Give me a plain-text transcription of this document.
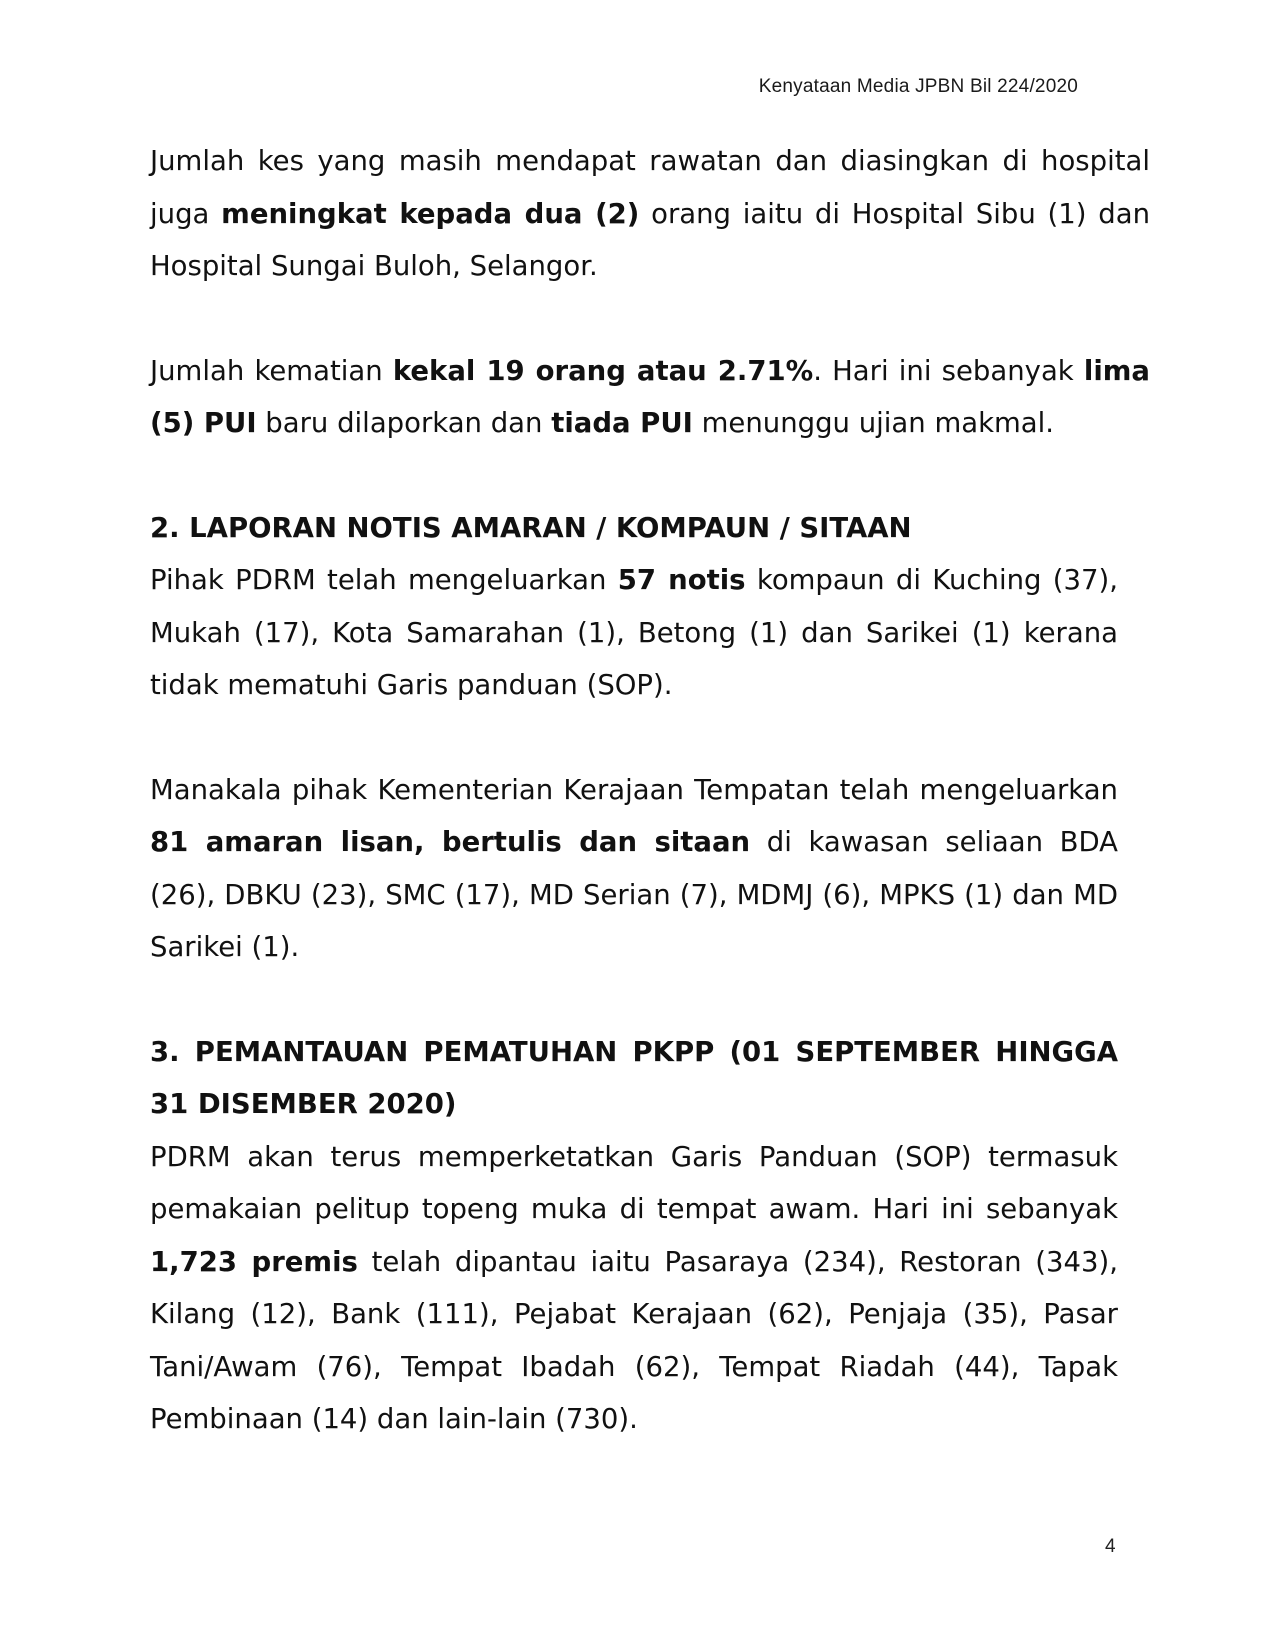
Kenyataan Media JPBN Bil 224/2020

Jumlah kes yang masih mendapat rawatan dan diasingkan di hospital juga meningkat kepada dua (2) orang iaitu di Hospital Sibu (1) dan Hospital Sungai Buloh, Selangor.

Jumlah kematian kekal 19 orang atau 2.71%. Hari ini sebanyak lima (5) PUI baru dilaporkan dan tiada PUI menunggu ujian makmal.

2. LAPORAN NOTIS AMARAN / KOMPAUN / SITAAN

Pihak PDRM telah mengeluarkan 57 notis kompaun di Kuching (37), Mukah (17), Kota Samarahan (1), Betong (1) dan Sarikei (1) kerana tidak mematuhi Garis panduan (SOP).

Manakala pihak Kementerian Kerajaan Tempatan telah mengeluarkan 81 amaran lisan, bertulis dan sitaan di kawasan seliaan BDA (26), DBKU (23), SMC (17), MD Serian (7), MDMJ (6), MPKS (1) dan MD Sarikei (1).

3. PEMANTAUAN PEMATUHAN PKPP (01 SEPTEMBER HINGGA 31 DISEMBER 2020)

PDRM akan terus memperketatkan Garis Panduan (SOP) termasuk pemakaian pelitup topeng muka di tempat awam. Hari ini sebanyak 1,723 premis telah dipantau iaitu Pasaraya (234), Restoran (343), Kilang (12), Bank (111), Pejabat Kerajaan (62), Penjaja (35), Pasar Tani/Awam (76), Tempat Ibadah (62), Tempat Riadah (44), Tapak Pembinaan (14) dan lain-lain (730).

4
